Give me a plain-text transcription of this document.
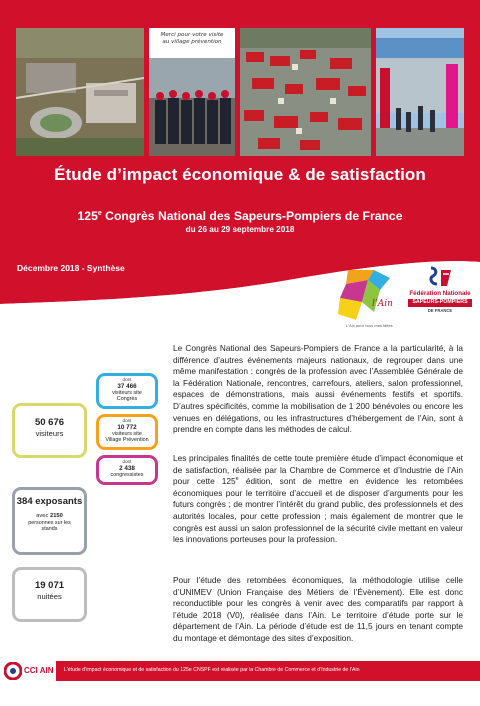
Merci pour votre visite
au village prévention
Étude d’impact économique & de satisfaction
125e Congrès National des Sapeurs-Pompiers de France
du 26 au 29 septembre 2018
Décembre 2018 - Synthèse
l’Ain
L’Ain pour tous mes idées
Fédération Nationale
SAPEURS-POMPIERS
DE FRANCE
50 676
visiteurs
dont
37 466
visiteurs site
Congrès
dont
10 772
visiteurs site
Village Prévention
dont
2 438
congressistes
384 exposants
avec 2150
personnes sur les
stands
19 071
nuitées

Le Congrès National des Sapeurs-Pompiers de France a la particularité, à la différence d’autres événements majeurs nationaux, de regrouper dans une même manifestation : congrès de la profession avec l’Assemblée Générale de la Fédération Nationale, rencontres, carrefours, ateliers, salon professionnel, espaces de démonstrations, mais aussi événements festifs et sportifs. D’autres spécificités, comme la mobilisation de 1 200 bénévoles ou encore les venues en délégations, ou les infrastructures d’hébergement de l’Ain, sont à prendre en compte dans les méthodes de calcul.

Les principales finalités de cette toute première étude d’impact économique et de satisfaction, réalisée par la Chambre de Commerce et d’Industrie de l’Ain pour cette 125e édition, sont de mettre en évidence les retombées économiques pour le territoire d’accueil et de disposer d’arguments pour les futurs congrès ; de montrer l’intérêt du grand public, des professionnels et des autorités locales, pour cette profession ; mais également de montrer que le congrès est aussi un salon professionnel de la sécurité civile mettant en valeur les innovations porteuses pour la profession.

Pour l’étude des retombées économiques, la méthodologie utilise celle d’UNIMEV (Union Française des Métiers de l’Évènement). Elle est donc reconductible pour les congrès à venir avec des comparatifs par rapport à l’étude 2018 (V0), réalisée dans l’Ain. Le territoire d’étude porte sur le département de l’Ain. La période d’étude est de 11,5 jours en tenant compte du montage et démontage des sites d’exposition.

CCI AIN L’étude d’impact économique et de satisfaction du 125e CNSPF est réalisée par la Chambre de Commerce et d’Industrie de l’Ain
